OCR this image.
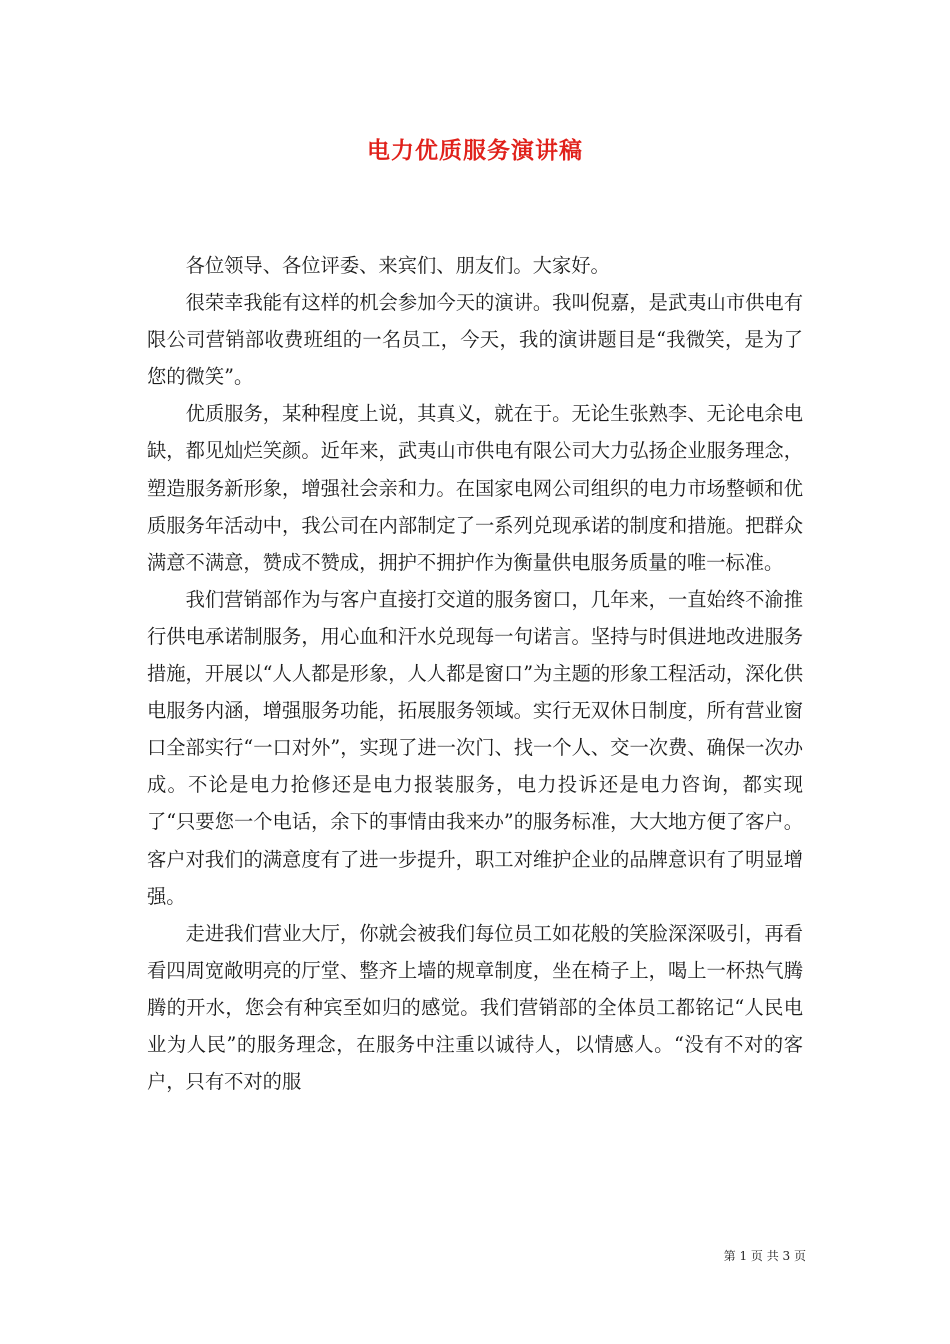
电力优质服务演讲稿

各位领导、各位评委、来宾们、朋友们。大家好。

很荣幸我能有这样的机会参加今天的演讲。我叫倪嘉，是武夷山市供电有限公司营销部收费班组的一名员工，今天，我的演讲题目是“我微笑，是为了您的微笑”。

优质服务，某种程度上说，其真义，就在于。无论生张熟李、无论电余电缺，都见灿烂笑颜。近年来，武夷山市供电有限公司大力弘扬企业服务理念，塑造服务新形象，增强社会亲和力。在国家电网公司组织的电力市场整顿和优质服务年活动中，我公司在内部制定了一系列兑现承诺的制度和措施。把群众满意不满意，赞成不赞成，拥护不拥护作为衡量供电服务质量的唯一标准。

我们营销部作为与客户直接打交道的服务窗口，几年来，一直始终不渝推行供电承诺制服务，用心血和汗水兑现每一句诺言。坚持与时俱进地改进服务措施，开展以“人人都是形象，人人都是窗口”为主题的形象工程活动，深化供电服务内涵，增强服务功能，拓展服务领域。实行无双休日制度，所有营业窗口全部实行“一口对外”，实现了进一次门、找一个人、交一次费、确保一次办成。不论是电力抢修还是电力报装服务，电力投诉还是电力咨询，都实现了“只要您一个电话，余下的事情由我来办”的服务标准，大大地方便了客户。客户对我们的满意度有了进一步提升，职工对维护企业的品牌意识有了明显增强。

走进我们营业大厅，你就会被我们每位员工如花般的笑脸深深吸引，再看看四周宽敞明亮的厅堂、整齐上墙的规章制度，坐在椅子上，喝上一杯热气腾腾的开水，您会有种宾至如归的感觉。我们营销部的全体员工都铭记“人民电业为人民”的服务理念，在服务中注重以诚待人，以情感人。“没有不对的客户，只有不对的服

第 1 页 共 3 页
